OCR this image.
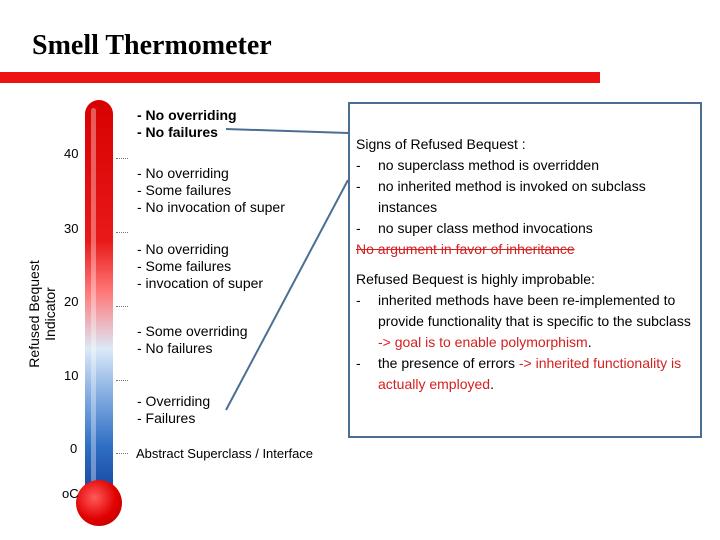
Smell Thermometer
Refused Bequest Indicator
40
30
20
10
0
oC
- No overriding
- No failures
- No overriding
- Some failures
- No invocation of super
- No overriding
- Some failures
- invocation of super
- Some overriding
- No failures
- Overriding
- Failures
Abstract Superclass / Interface

Signs of Refused Bequest :

- no superclass method is overridden
- no inherited method is invoked on subclass instances
- no super class method invocations

No argument in favor of inheritance

Refused Bequest is highly improbable:

- inherited methods have been re-implemented to provide functionality that is specific to the subclass -> goal is to enable polymorphism.
- the presence of errors -> inherited functionality is actually employed.
